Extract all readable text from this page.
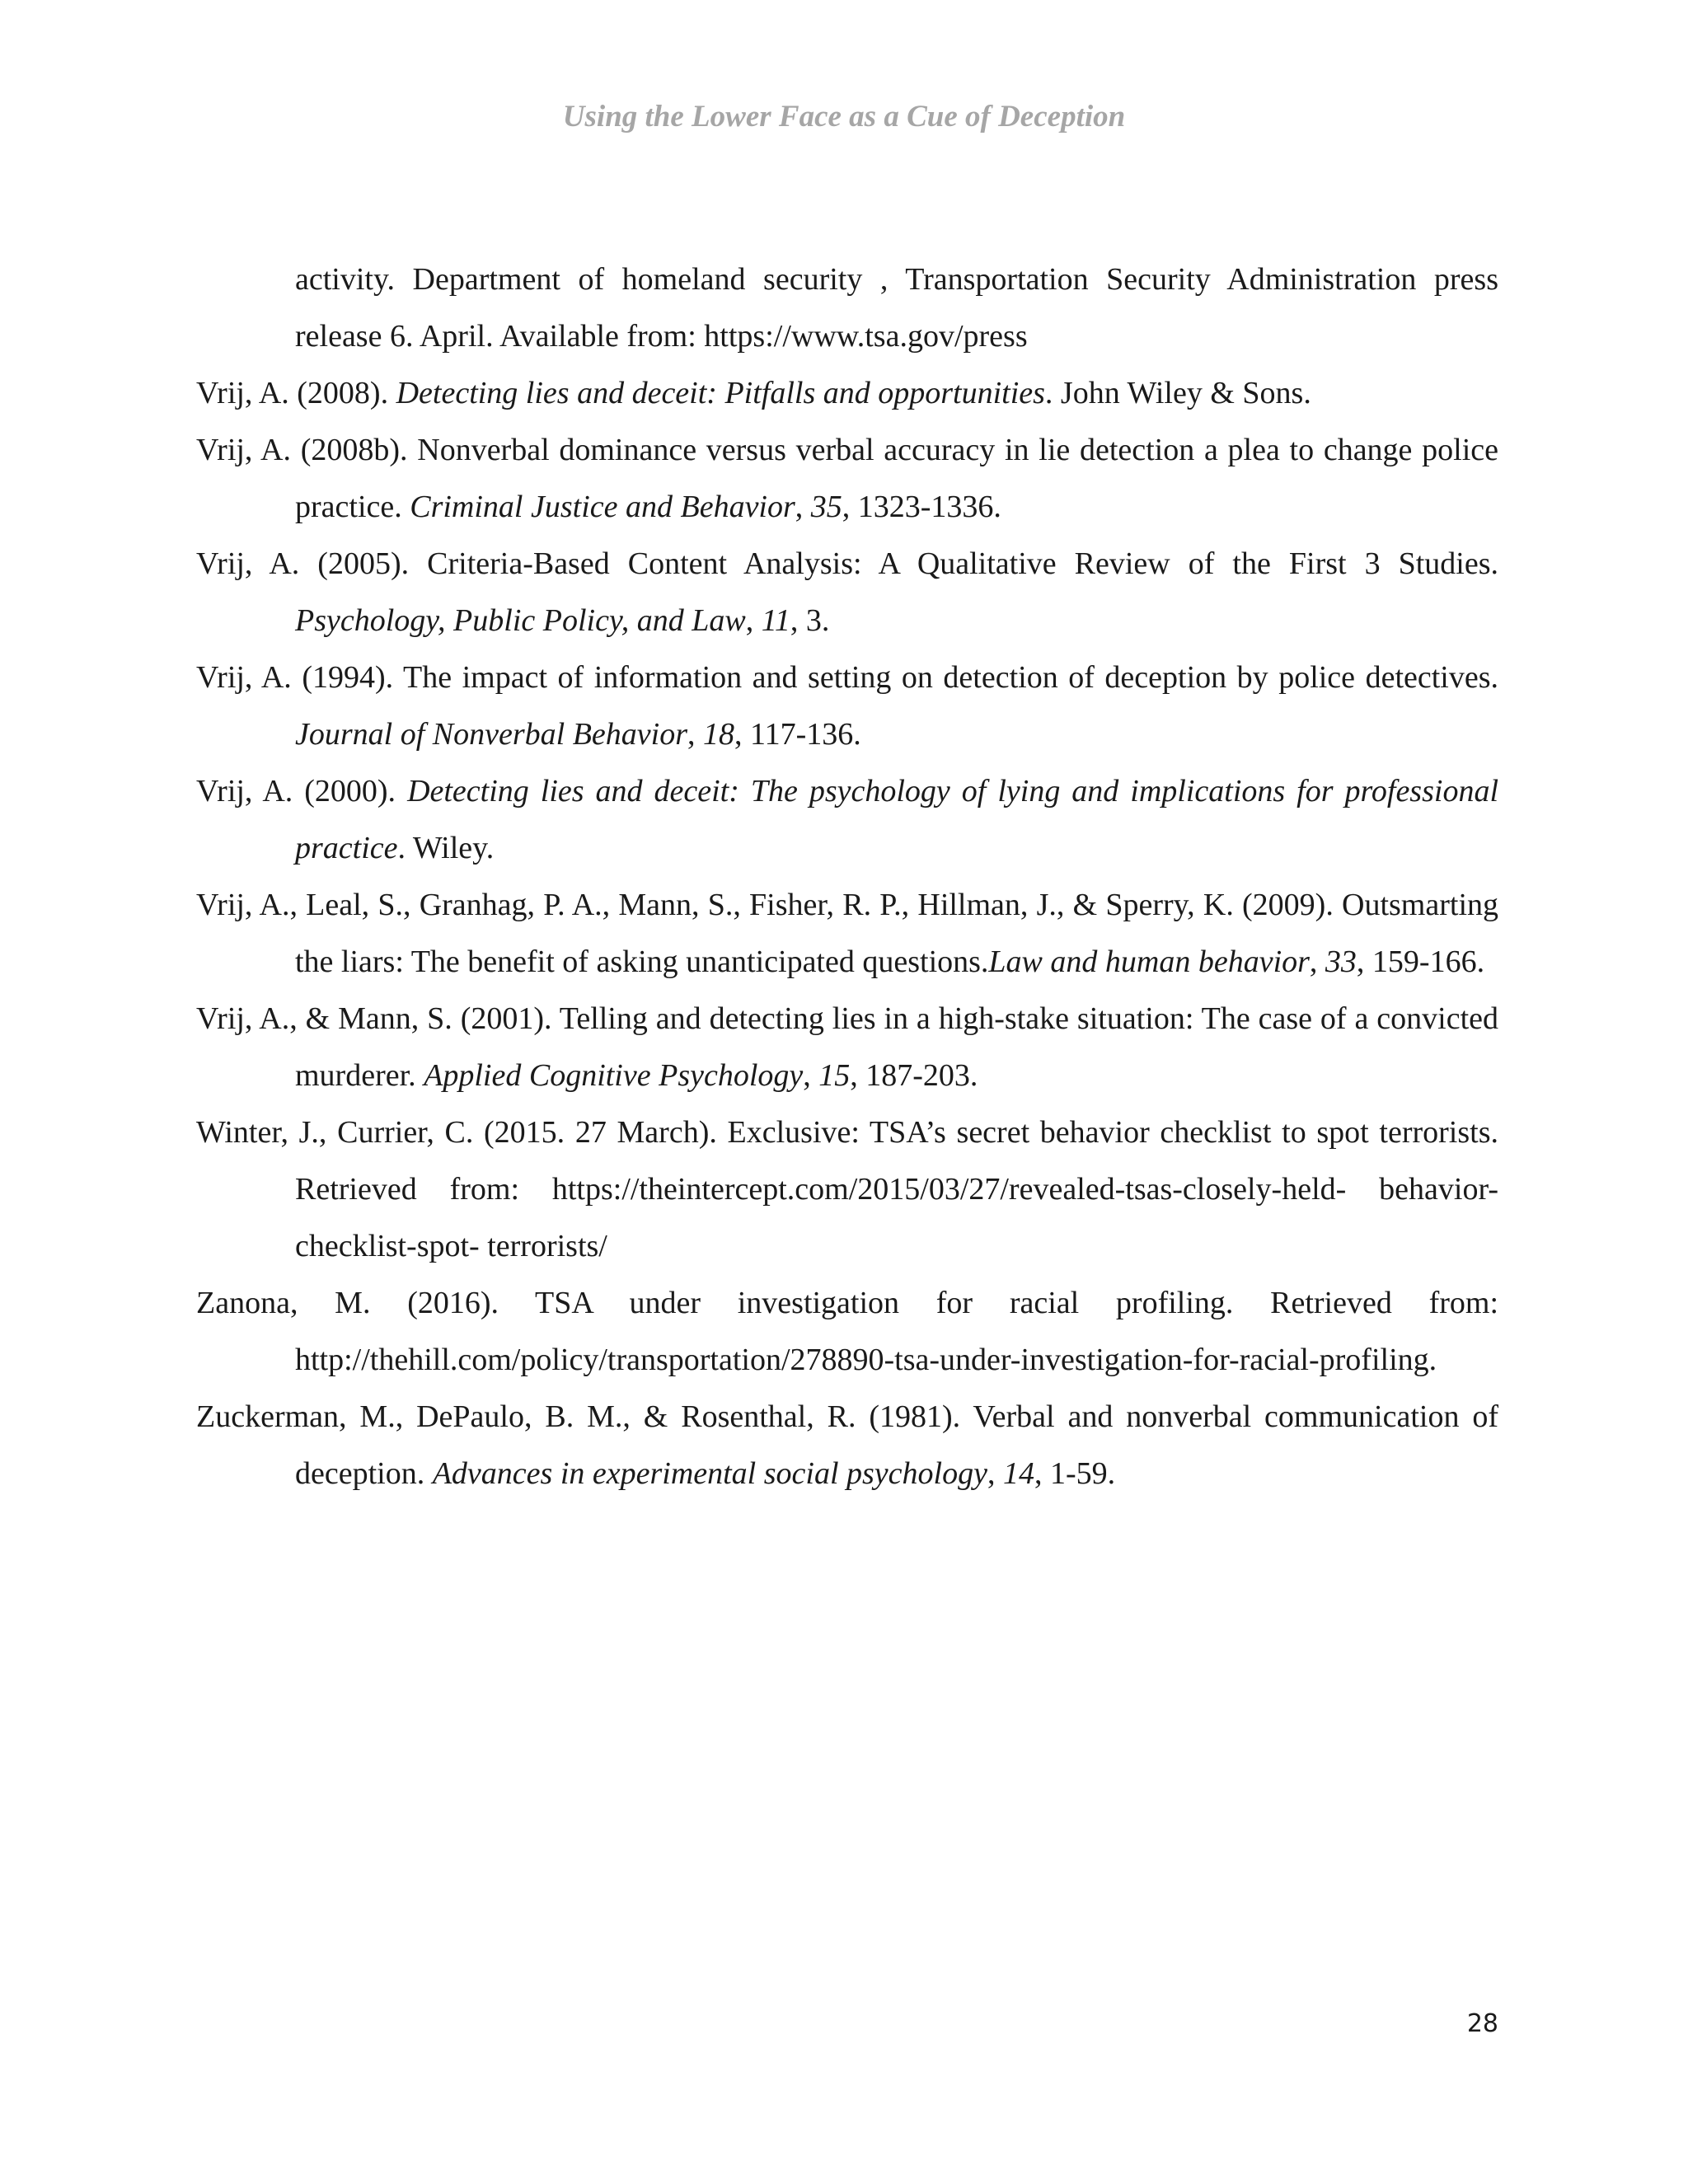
Using the Lower Face as a Cue of Deception

activity. Department of homeland security , Transportation Security Administration press release 6. April. Available from: https://www.tsa.gov/press

Vrij, A. (2008). Detecting lies and deceit: Pitfalls and opportunities. John Wiley & Sons.

Vrij, A. (2008b). Nonverbal dominance versus verbal accuracy in lie detection a plea to change police practice. Criminal Justice and Behavior, 35, 1323-1336.

Vrij, A. (2005). Criteria-Based Content Analysis: A Qualitative Review of the First 3 Studies. Psychology, Public Policy, and Law, 11, 3.

Vrij, A. (1994). The impact of information and setting on detection of deception by police detectives. Journal of Nonverbal Behavior, 18, 117-136.

Vrij, A. (2000). Detecting lies and deceit: The psychology of lying and implications for professional practice. Wiley.

Vrij, A., Leal, S., Granhag, P. A., Mann, S., Fisher, R. P., Hillman, J., & Sperry, K. (2009). Outsmarting the liars: The benefit of asking unanticipated questions.Law and human behavior, 33, 159-166.

Vrij, A., & Mann, S. (2001). Telling and detecting lies in a high-stake situation: The case of a convicted murderer. Applied Cognitive Psychology, 15, 187-203.

Winter, J., Currier, C. (2015. 27 March). Exclusive: TSA’s secret behavior checklist to spot terrorists. Retrieved from: https://theintercept.com/2015/03/27/revealed-tsas-closely-held- behavior-checklist-spot- terrorists/

Zanona, M. (2016). TSA under investigation for racial profiling. Retrieved from: http://thehill.com/policy/transportation/278890-tsa-under-investigation-for-racial-profiling.

Zuckerman, M., DePaulo, B. M., & Rosenthal, R. (1981). Verbal and nonverbal communication of deception. Advances in experimental social psychology, 14, 1-59.

28
